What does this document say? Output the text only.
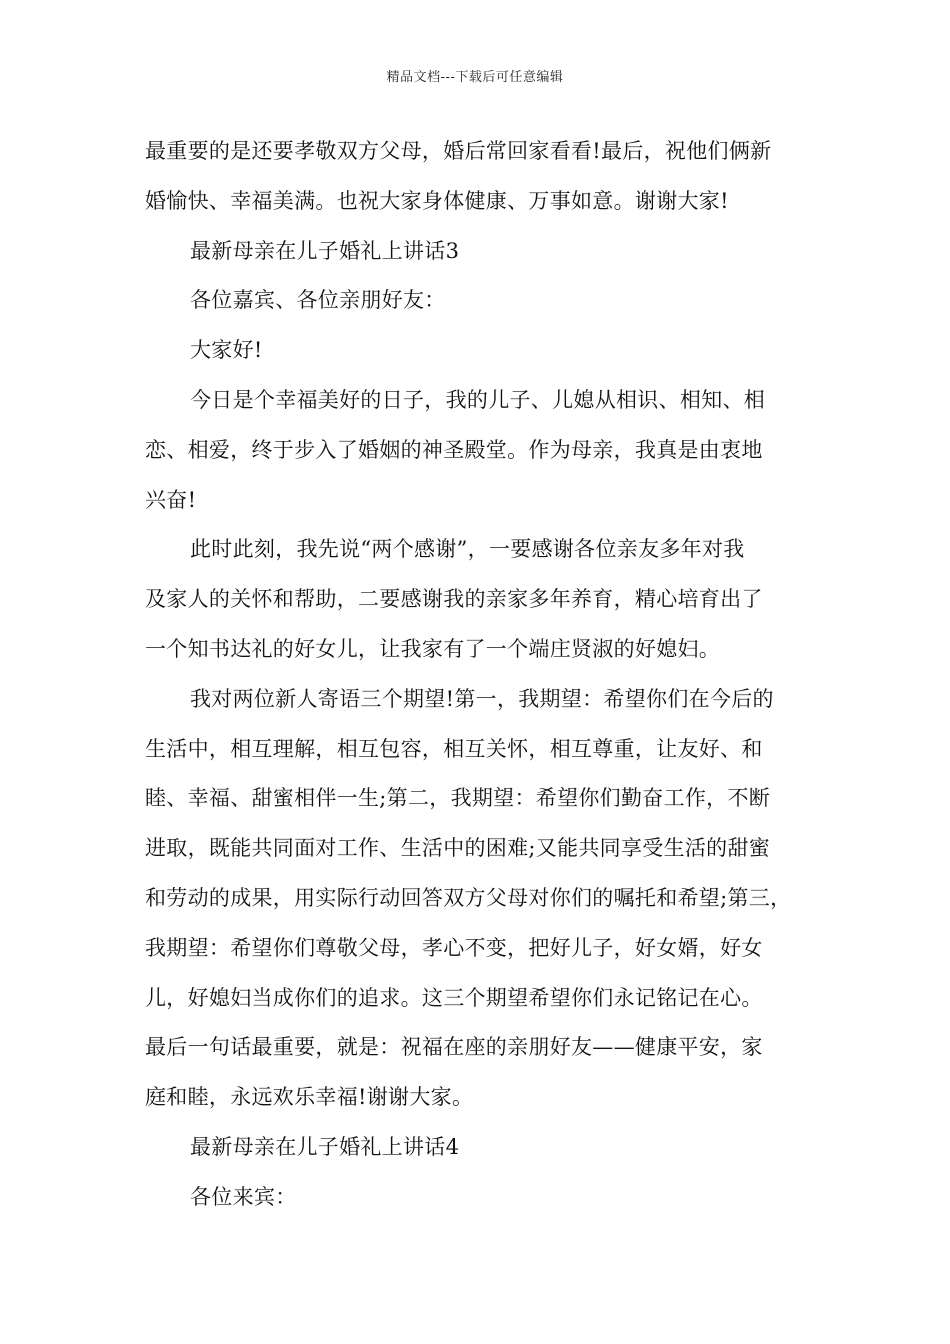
精品文档---下载后可任意编辑
最重要的是还要孝敬双方父母，婚后常回家看看!最后，祝他们俩新
婚愉快、幸福美满。也祝大家身体健康、万事如意。谢谢大家!
最新母亲在儿子婚礼上讲话3
各位嘉宾、各位亲朋好友：
大家好!
今日是个幸福美好的日子，我的儿子、儿媳从相识、相知、相
恋、相爱，终于步入了婚姻的神圣殿堂。作为母亲，我真是由衷地
兴奋!
此时此刻，我先说“两个感谢”，一要感谢各位亲友多年对我
及家人的关怀和帮助，二要感谢我的亲家多年养育，精心培育出了
一个知书达礼的好女儿，让我家有了一个端庄贤淑的好媳妇。
我对两位新人寄语三个期望!第一，我期望：希望你们在今后的
生活中，相互理解，相互包容，相互关怀，相互尊重，让友好、和
睦、幸福、甜蜜相伴一生;第二，我期望：希望你们勤奋工作，不断
进取，既能共同面对工作、生活中的困难;又能共同享受生活的甜蜜
和劳动的成果，用实际行动回答双方父母对你们的嘱托和希望;第三，
我期望：希望你们尊敬父母，孝心不变，把好儿子，好女婿，好女
儿，好媳妇当成你们的追求。这三个期望希望你们永记铭记在心。
最后一句话最重要，就是：祝福在座的亲朋好友——健康平安，家
庭和睦，永远欢乐幸福!谢谢大家。
最新母亲在儿子婚礼上讲话4
各位来宾：
